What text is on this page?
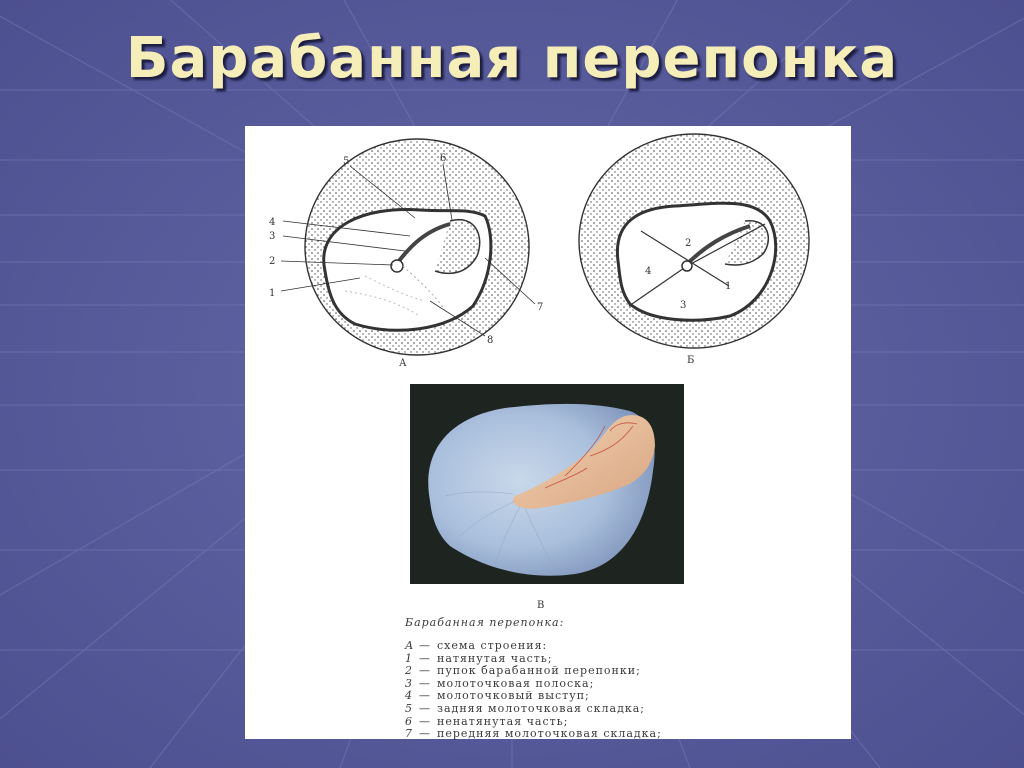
Барабанная перепонка
1
2
3
4
5	6
7
8
1
2
3
4
А	Б
В
Барабанная перепонка:
А — схема строения:
1 — натянутая часть;
2 — пупок барабанной перепонки;
3 — молоточковая полоска;
4 — молоточковый выступ;
5 — задняя молоточковая складка;
6 — ненатянутая часть;
7 — передняя молоточковая складка;
